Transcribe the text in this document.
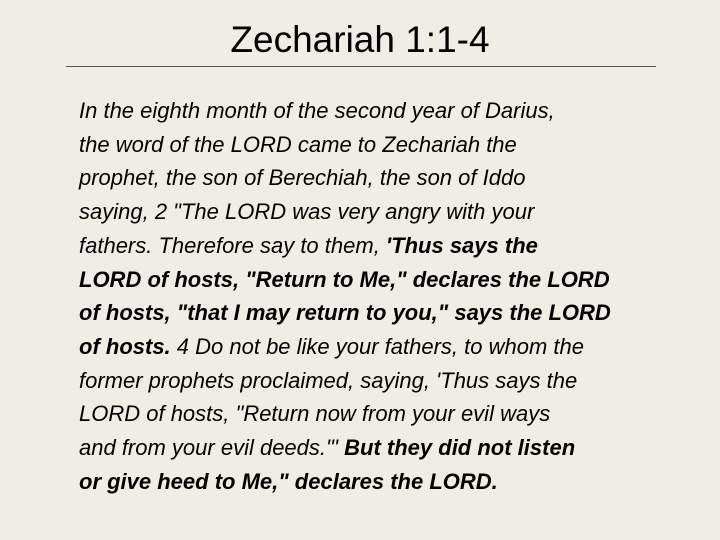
Zechariah 1:1-4

In the eighth month of the second year of Darius,
the word of the LORD came to Zechariah the
prophet, the son of Berechiah, the son of Iddo
saying, 2 "The LORD was very angry with your
fathers. Therefore say to them, 'Thus says the
LORD of hosts, "Return to Me," declares the LORD
of hosts, "that I may return to you," says the LORD
of hosts. 4 Do not be like your fathers, to whom the
former prophets proclaimed, saying, 'Thus says the
LORD of hosts, "Return now from your evil ways
and from your evil deeds."' But they did not listen
or give heed to Me," declares the LORD.
